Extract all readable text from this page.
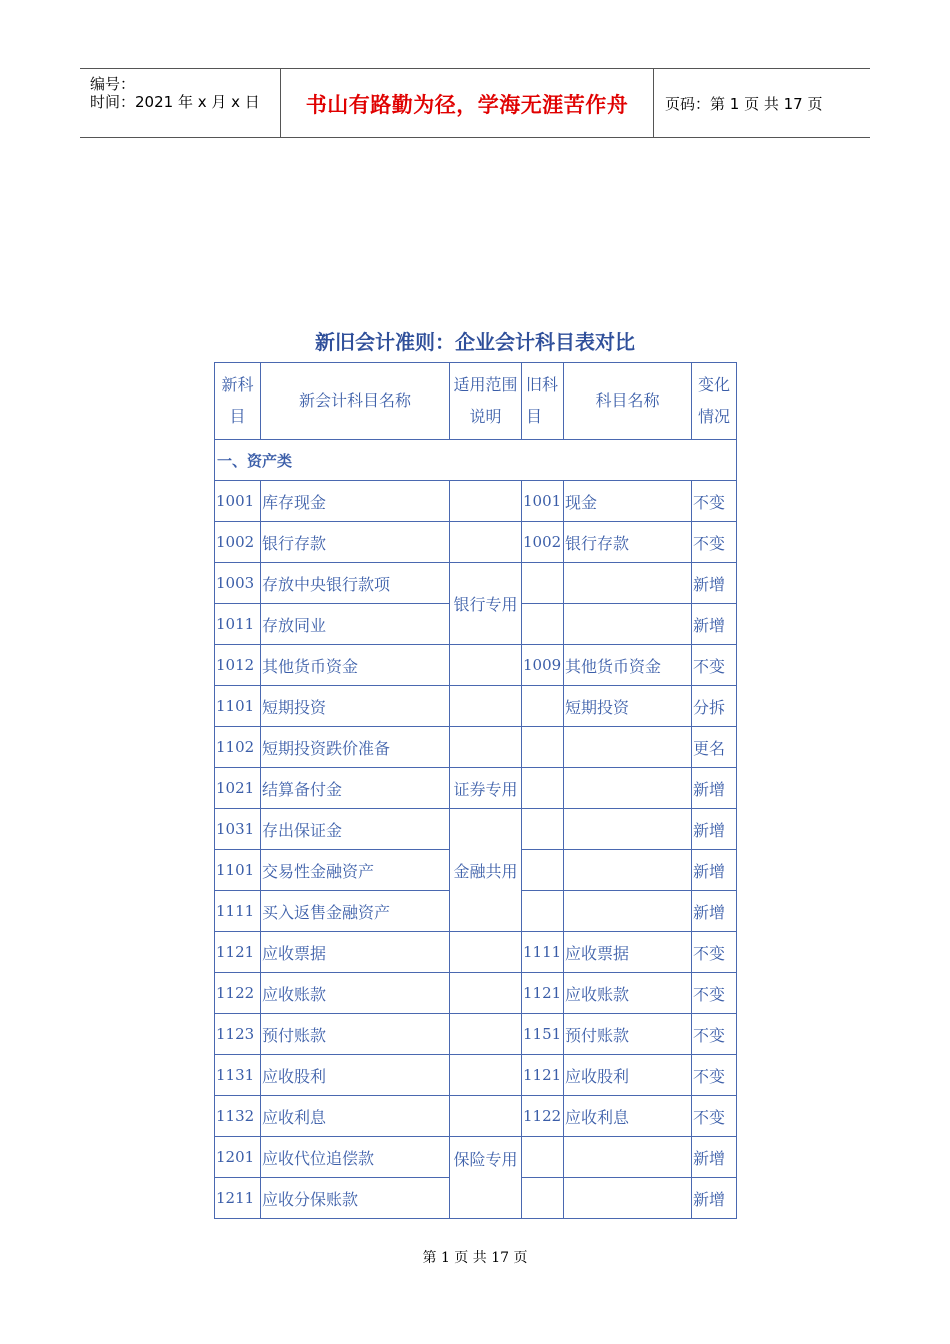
编号：
时间：2021 年 x 月 x 日	书山有路勤为径，学海无涯苦作舟	页码：第 1 页 共 17 页
新旧会计准则：企业会计科目表对比
新科目	新会计科目名称	适用范围说明	旧科目	科目名称	变化情况
一、资产类					
1001	库存现金		1001	现金	不变
1002	银行存款		1002	银行存款	不变
1003	存放中央银行款项	银行专用			新增
1011	存放同业				新增
1012	其他货币资金		1009	其他货币资金	不变
1101	短期投资			短期投资	分拆
1102	短期投资跌价准备				更名
1021	结算备付金	证券专用			新增
1031	存出保证金	金融共用			新增
1101	交易性金融资产				新增
1111	买入返售金融资产				新增
1121	应收票据		1111	应收票据	不变
1122	应收账款		1121	应收账款	不变
1123	预付账款		1151	预付账款	不变
1131	应收股利		1121	应收股利	不变
1132	应收利息		1122	应收利息	不变
1201	应收代位追偿款	保险专用			新增
1211	应收分保账款				新增
第 1 页 共 17 页
